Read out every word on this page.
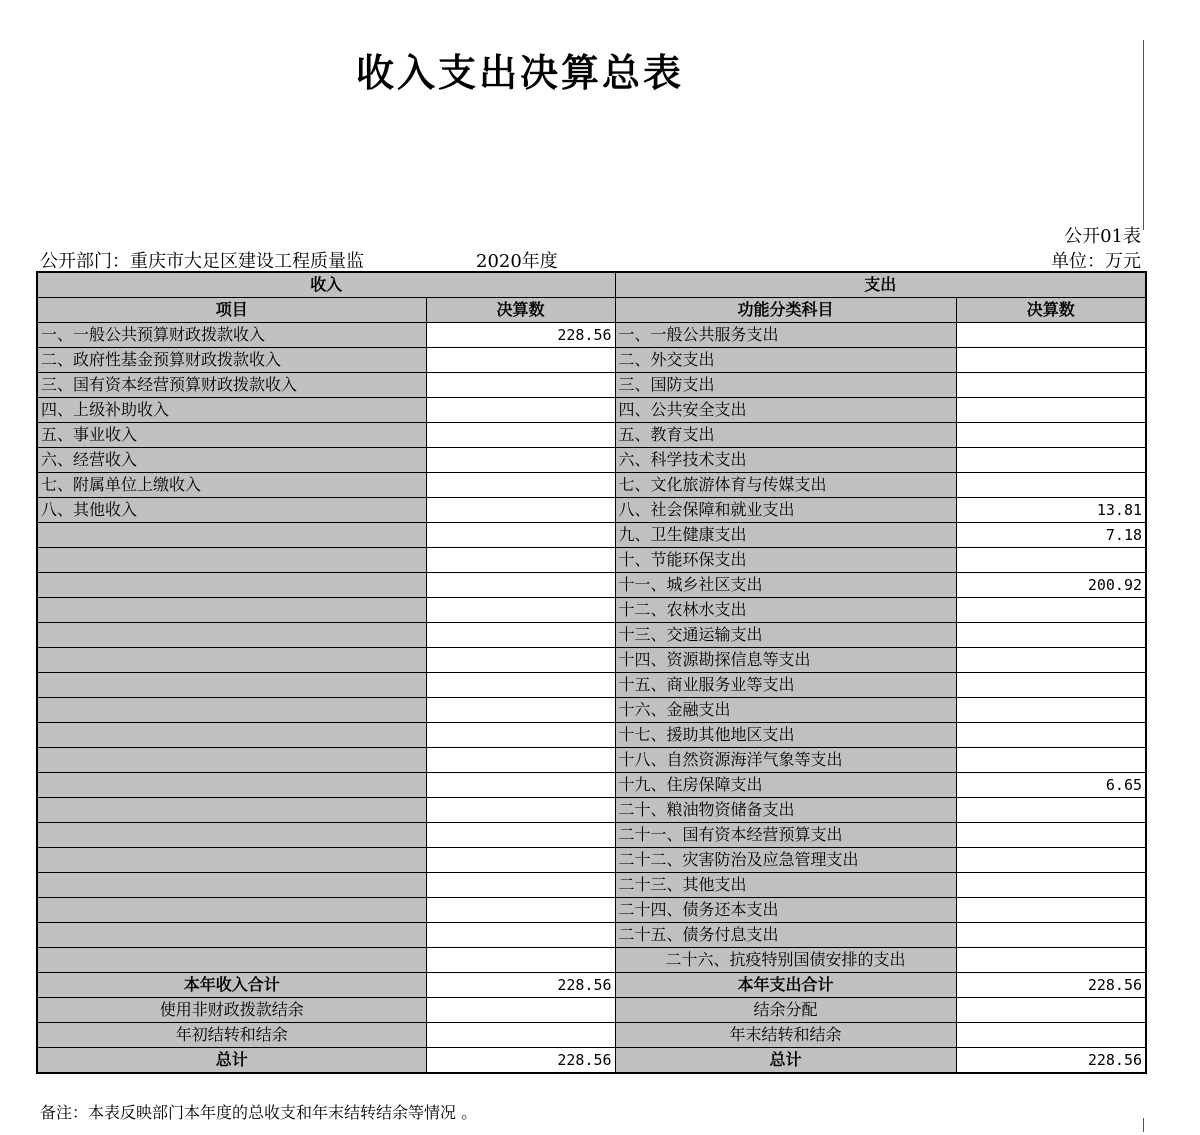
收入支出决算总表
公开01表
公开部门：重庆市大足区建设工程质量监	2020年度	单位：万元
收入		支出	
项目	决算数	功能分类科目	决算数
一、一般公共预算财政拨款收入	228.56	一、一般公共服务支出	
二、政府性基金预算财政拨款收入		二、外交支出	
三、国有资本经营预算财政拨款收入		三、国防支出	
四、上级补助收入		四、公共安全支出	
五、事业收入		五、教育支出	
六、经营收入		六、科学技术支出	
七、附属单位上缴收入		七、文化旅游体育与传媒支出	
八、其他收入		八、社会保障和就业支出	13.81
		九、卫生健康支出	7.18
		十、节能环保支出	
		十一、城乡社区支出	200.92
		十二、农林水支出	
		十三、交通运输支出	
		十四、资源勘探信息等支出	
		十五、商业服务业等支出	
		十六、金融支出	
		十七、援助其他地区支出	
		十八、自然资源海洋气象等支出	
		十九、住房保障支出	6.65
		二十、粮油物资储备支出	
		二十一、国有资本经营预算支出	
		二十二、灾害防治及应急管理支出	
		二十三、其他支出	
		二十四、债务还本支出	
		二十五、债务付息支出	
		二十六、抗疫特别国债安排的支出	
本年收入合计	228.56	本年支出合计	228.56
使用非财政拨款结余		结余分配	
年初结转和结余		年末结转和结余	
总计	228.56	总计	228.56
备注：本表反映部门本年度的总收支和年末结转结余等情况 。
